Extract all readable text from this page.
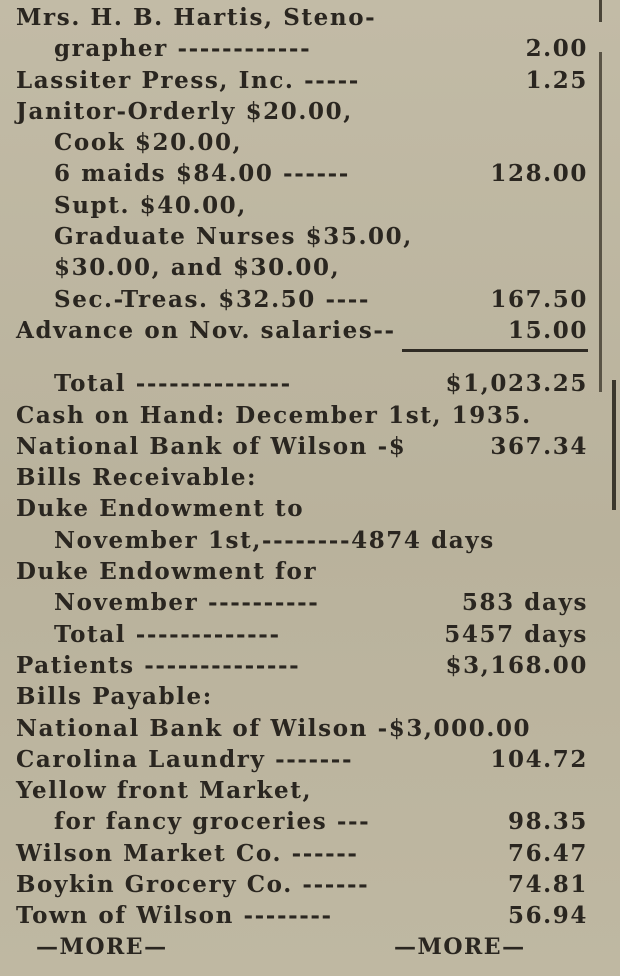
Mrs. H. B. Hartis, Steno-
grapher ------------	2.00
Lassiter Press, Inc. -----	1.25
Janitor-Orderly $20.00,
Cook $20.00,
6 maids $84.00 ------	128.00
Supt. $40.00,
Graduate Nurses $35.00,
$30.00, and $30.00,
Sec.-Treas. $32.50 ----	167.50
Advance on Nov. salaries--	15.00
Total --------------	$1,023.25
Cash on Hand: December 1st, 1935.
National Bank of Wilson -$	367.34
Bills Receivable:
Duke Endowment to
November 1st,--------4874 days
Duke Endowment for
November ----------	583 days
Total -------------	5457 days
Patients --------------	$3,168.00
Bills Payable:
National Bank of Wilson -$3,000.00
Carolina Laundry -------	104.72
Yellow front Market,
for fancy groceries ---	98.35
Wilson Market Co. ------	76.47
Boykin Grocery Co. ------	74.81
Town of Wilson --------	56.94
—MORE—	—MORE—
